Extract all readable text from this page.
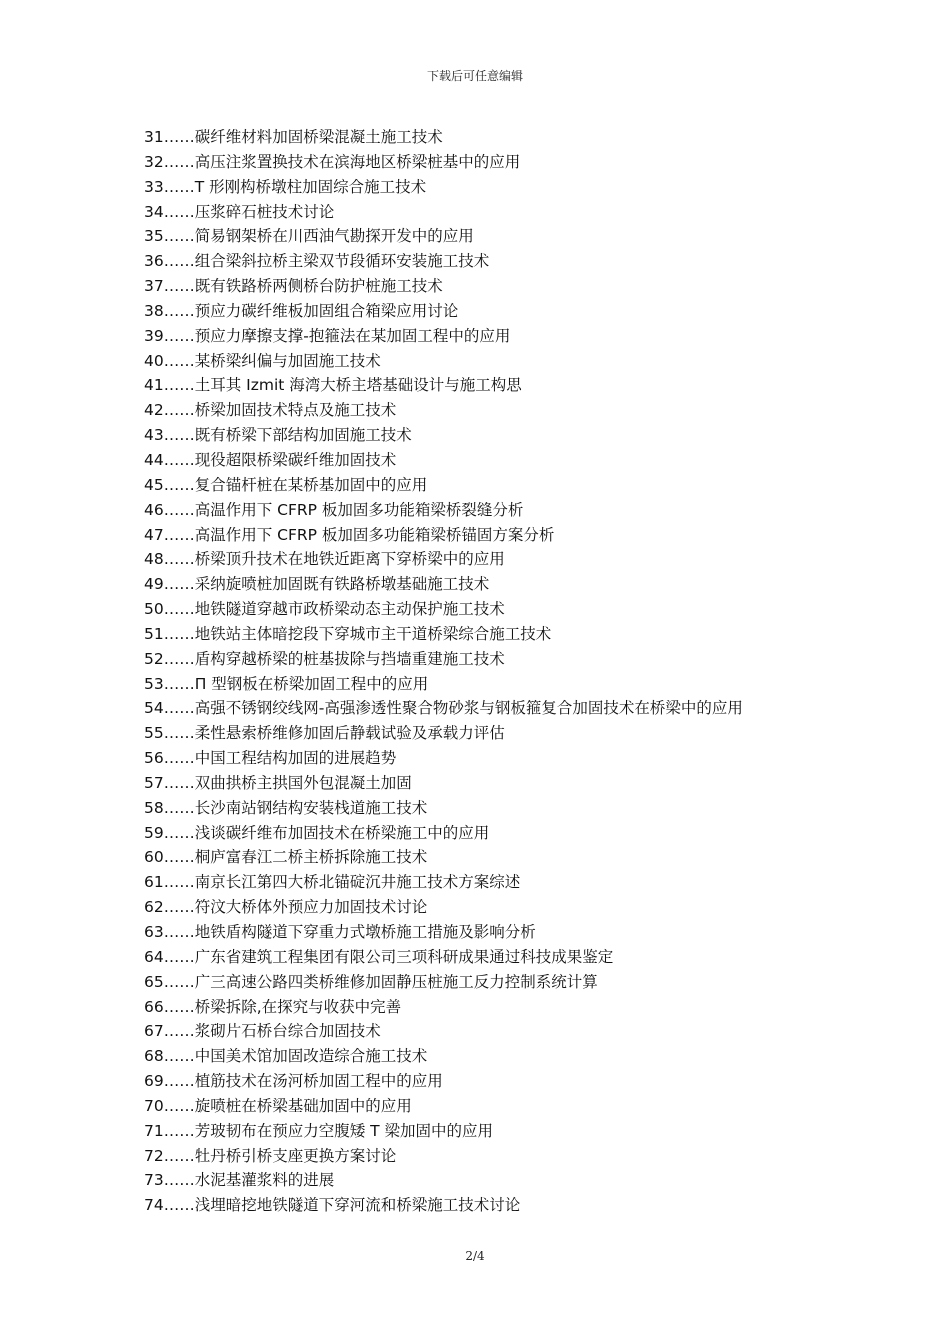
下载后可任意编辑
31……碳纤维材料加固桥梁混凝土施工技术
32……高压注浆置换技术在滨海地区桥梁桩基中的应用
33……T 形刚构桥墩柱加固综合施工技术
34……压浆碎石桩技术讨论
35……简易钢架桥在川西油气勘探开发中的应用
36……组合梁斜拉桥主梁双节段循环安装施工技术
37……既有铁路桥两侧桥台防护桩施工技术
38……预应力碳纤维板加固组合箱梁应用讨论
39……预应力摩擦支撑-抱箍法在某加固工程中的应用
40……某桥梁纠偏与加固施工技术
41……土耳其 Izmit 海湾大桥主塔基础设计与施工构思
42……桥梁加固技术特点及施工技术
43……既有桥梁下部结构加固施工技术
44……现役超限桥梁碳纤维加固技术
45……复合锚杆桩在某桥基加固中的应用
46……高温作用下 CFRP 板加固多功能箱梁桥裂缝分析
47……高温作用下 CFRP 板加固多功能箱梁桥锚固方案分析
48……桥梁顶升技术在地铁近距离下穿桥梁中的应用
49……采纳旋喷桩加固既有铁路桥墩基础施工技术
50……地铁隧道穿越市政桥梁动态主动保护施工技术
51……地铁站主体暗挖段下穿城市主干道桥梁综合施工技术
52……盾构穿越桥梁的桩基拔除与挡墙重建施工技术
53……Π 型钢板在桥梁加固工程中的应用
54……高强不锈钢绞线网-高强渗透性聚合物砂浆与钢板箍复合加固技术在桥梁中的应用
55……柔性悬索桥维修加固后静载试验及承载力评估
56……中国工程结构加固的进展趋势
57……双曲拱桥主拱国外包混凝土加固
58……长沙南站钢结构安装栈道施工技术
59……浅谈碳纤维布加固技术在桥梁施工中的应用
60……桐庐富春江二桥主桥拆除施工技术
61……南京长江第四大桥北锚碇沉井施工技术方案综述
62……符汶大桥体外预应力加固技术讨论
63……地铁盾构隧道下穿重力式墩桥施工措施及影响分析
64……广东省建筑工程集团有限公司三项科研成果通过科技成果鉴定
65……广三高速公路四类桥维修加固静压桩施工反力控制系统计算
66……桥梁拆除,在探究与收获中完善
67……浆砌片石桥台综合加固技术
68……中国美术馆加固改造综合施工技术
69……植筋技术在汤河桥加固工程中的应用
70……旋喷桩在桥梁基础加固中的应用
71……芳玻韧布在预应力空腹矮 T 梁加固中的应用
72……牡丹桥引桥支座更换方案讨论
73……水泥基灌浆料的进展
74……浅埋暗挖地铁隧道下穿河流和桥梁施工技术讨论
2/4
